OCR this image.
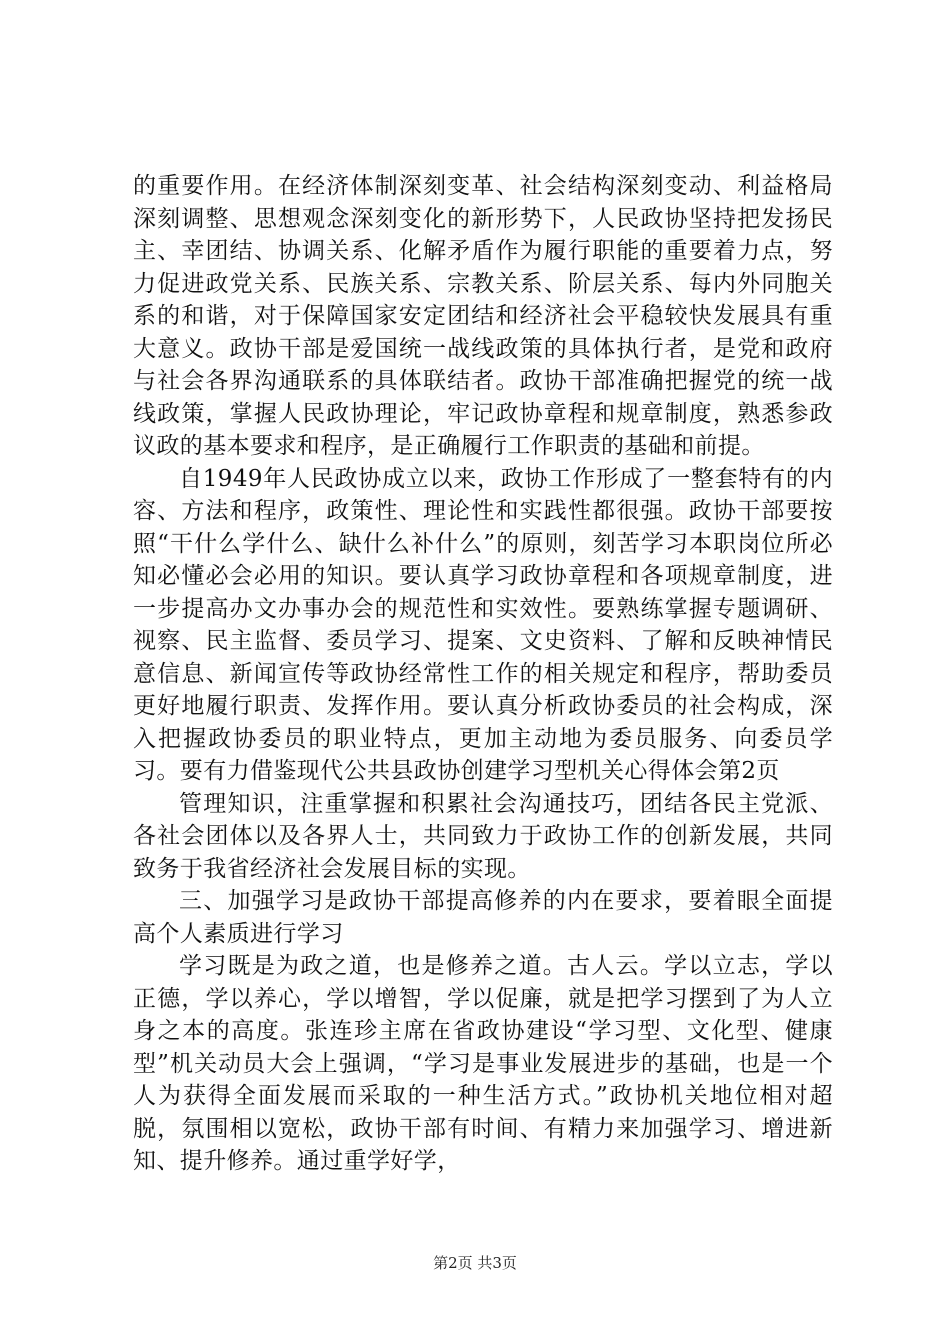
的重要作用。在经济体制深刻变革、社会结构深刻变动、利益格局深刻调整、思想观念深刻变化的新形势下，人民政协坚持把发扬民主、幸团结、协调关系、化解矛盾作为履行职能的重要着力点，努力促进政党关系、民族关系、宗教关系、阶层关系、每内外同胞关系的和谐，对于保障国家安定团结和经济社会平稳较快发展具有重大意义。政协干部是爱国统一战线政策的具体执行者，是党和政府与社会各界沟通联系的具体联结者。政协干部准确把握党的统一战线政策，掌握人民政协理论，牢记政协章程和规章制度，熟悉参政议政的基本要求和程序，是正确履行工作职责的基础和前提。

自1949年人民政协成立以来，政协工作形成了一整套特有的内容、方法和程序，政策性、理论性和实践性都很强。政协干部要按照“干什么学什么、缺什么补什么”的原则，刻苦学习本职岗位所必知必懂必会必用的知识。要认真学习政协章程和各项规章制度，进一步提高办文办事办会的规范性和实效性。要熟练掌握专题调研、视察、民主监督、委员学习、提案、文史资料、了解和反映神情民意信息、新闻宣传等政协经常性工作的相关规定和程序，帮助委员更好地履行职责、发挥作用。要认真分析政协委员的社会构成，深入把握政协委员的职业特点，更加主动地为委员服务、向委员学习。要有力借鉴现代公共县政协创建学习型机关心得体会第2页

管理知识，注重掌握和积累社会沟通技巧，团结各民主党派、各社会团体以及各界人士，共同致力于政协工作的创新发展，共同致务于我省经济社会发展目标的实现。

三、加强学习是政协干部提高修养的内在要求，要着眼全面提高个人素质进行学习

学习既是为政之道，也是修养之道。古人云。学以立志，学以正德，学以养心，学以增智，学以促廉，就是把学习摆到了为人立身之本的高度。张连珍主席在省政协建设“学习型、文化型、健康型”机关动员大会上强调，“学习是事业发展进步的基础，也是一个人为获得全面发展而采取的一种生活方式。”政协机关地位相对超脱，氛围相以宽松，政协干部有时间、有精力来加强学习、增进新知、提升修养。通过重学好学，

第2页 共3页
